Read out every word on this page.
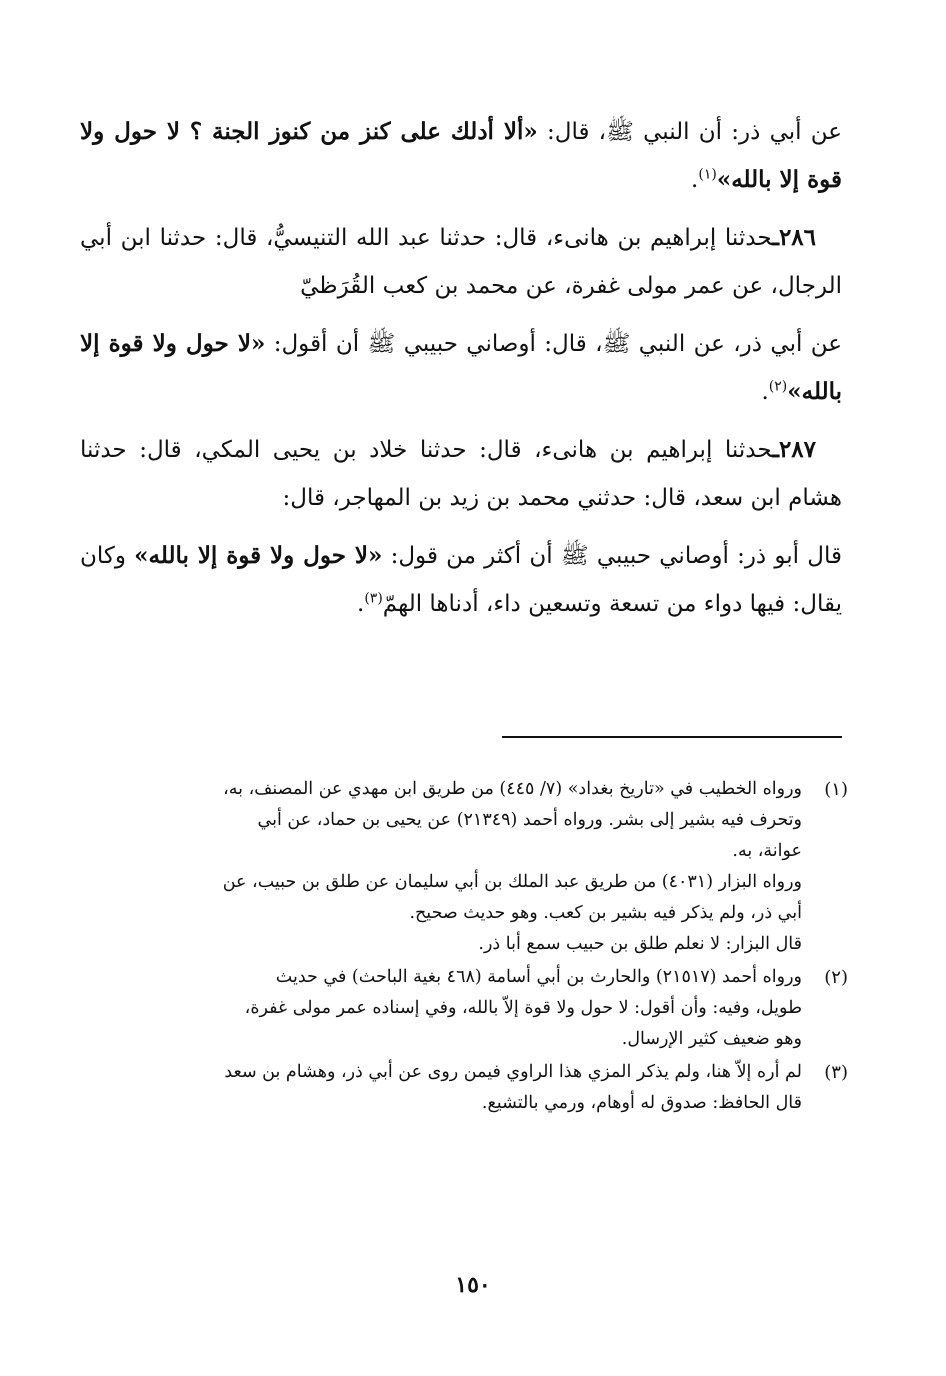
عن أبي ذر: أن النبي ﷺ، قال: «ألا أدلك على كنز من كنوز الجنة ؟ لا حول ولا قوة إلا بالله»$^{(١)}$.

٢٨٦ـحدثنا إبراهيم بن هانىء، قال: حدثنا عبد الله التنيسيُّ، قال: حدثنا ابن أبي الرجال، عن عمر مولى غفرة، عن محمد بن كعب القُرَظيّ

عن أبي ذر، عن النبي ﷺ، قال: أوصاني حبيبي ﷺ أن أقول: «لا حول ولا قوة إلا بالله»$^{(٢)}$.

٢٨٧ـحدثنا إبراهيم بن هانىء، قال: حدثنا خلاد بن يحيى المكي، قال: حدثنا هشام ابن سعد، قال: حدثني محمد بن زيد بن المهاجر، قال:

قال أبو ذر: أوصاني حبيبي ﷺ أن أكثر من قول: «لا حول ولا قوة إلا بالله» وكان يقال: فيها دواء من تسعة وتسعين داء، أدناها الهمّ$^{(٣)}$.

(١)

ورواه الخطيب في «تاريخ بغداد» (٧/ ٤٤٥) من طريق ابن مهدي عن المصنف، به،

وتحرف فيه بشير إلى بشر. ورواه أحمد (٢١٣٤٩) عن يحيى بن حماد، عن أبي

عوانة، به.

ورواه البزار (٤٠٣١) من طريق عبد الملك بن أبي سليمان عن طلق بن حبيب، عن

أبي ذر، ولم يذكر فيه بشير بن كعب. وهو حديث صحيح.

قال البزار: لا نعلم طلق بن حبيب سمع أبا ذر.

(٢)

ورواه أحمد (٢١٥١٧) والحارث بن أبي أسامة (٤٦٨ بغية الباحث) في حديث

طويل، وفيه: وأن أقول: لا حول ولا قوة إلاّ بالله، وفي إسناده عمر مولى غفرة،

وهو ضعيف كثير الإرسال.

(٣)

لم أره إلاّ هنا، ولم يذكر المزي هذا الراوي فيمن روى عن أبي ذر، وهشام بن سعد

قال الحافظ: صدوق له أوهام، ورمي بالتشيع.

١٥٠
